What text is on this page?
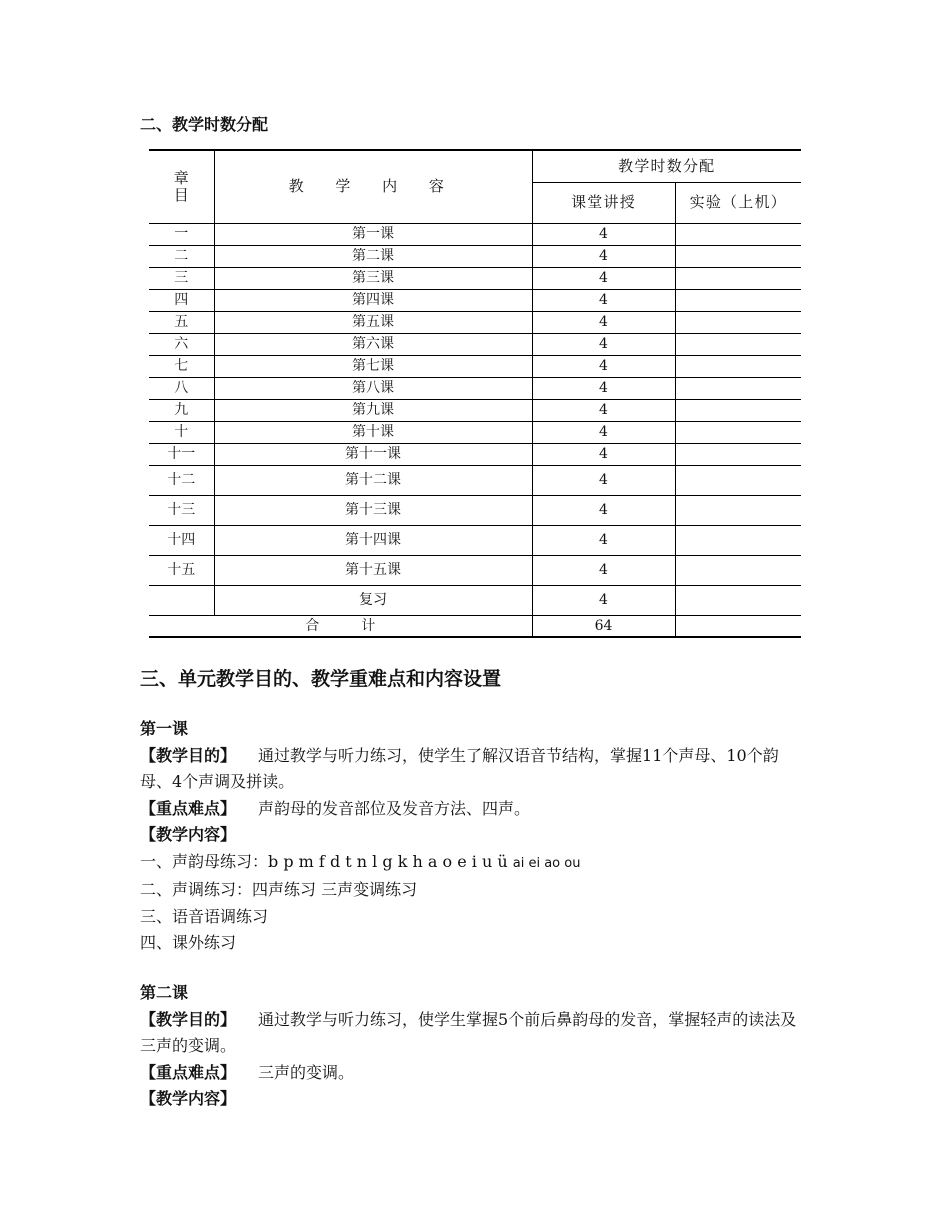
二、教学时数分配
章目	教 学 内 容	教学时数分配	
		课堂讲授	实验（上机）
一	第一课	4	
二	第二课	4	
三	第三课	4	
四	第四课	4	
五	第五课	4	
六	第六课	4	
七	第七课	4	
八	第八课	4	
九	第九课	4	
十	第十课	4	
十一	第十一课	4	
十二	第十二课	4	
十三	第十三课	4	
十四	第十四课	4	
十五	第十五课	4	
	复习	4	
合　　　计		64	
三、单元教学目的、教学重难点和内容设置

第一课

【教学目的】 通过教学与听力练习，使学生了解汉语音节结构，掌握11个声母、10个韵母、4个声调及拼读。

【重点难点】 声韵母的发音部位及发音方法、四声。

【教学内容】

一、声韵母练习：b p m f d t n l g k h a o e i u ü ai ei ao ou

二、声调练习：四声练习 三声变调练习

三、语音语调练习

四、课外练习

第二课

【教学目的】 通过教学与听力练习，使学生掌握5个前后鼻韵母的发音，掌握轻声的读法及三声的变调。

【重点难点】 三声的变调。

【教学内容】
